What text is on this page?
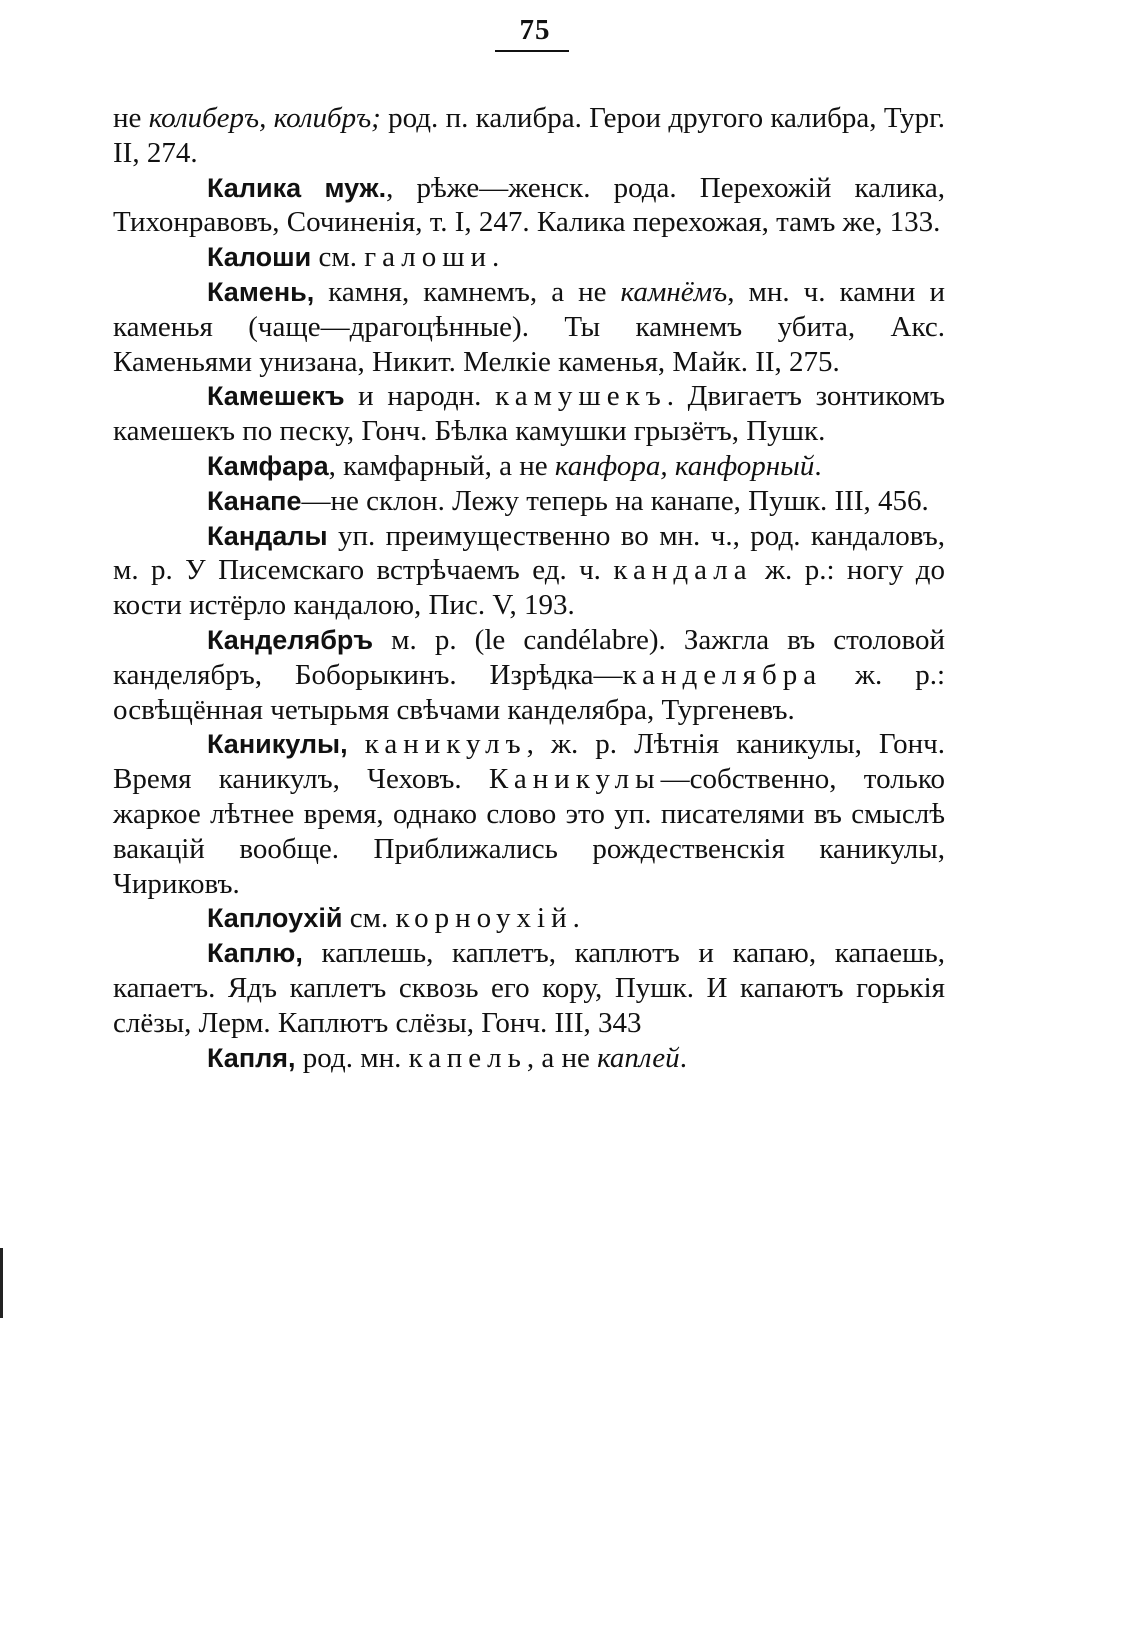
75

не колиберъ, колибръ; род. п. калибра. Герои другого калибра, Тург. II, 274.

Калика муж., рѣже—женск. рода. Перехожій калика, Тихонравовъ, Сочиненія, т. I, 247. Калика перехожая, тамъ же, 133.

Калоши см. галоши.

Камень, камня, камнемъ, а не камнёмъ, мн. ч. камни и каменья (чаще—драгоцѣнные). Ты камнемъ убита, Акс. Каменьями унизана, Никит. Мелкіе каменья, Майк. II, 275.

Камешекъ и народн. камушекъ. Двигаетъ зонтикомъ камешекъ по песку, Гонч. Бѣлка камушки грызётъ, Пушк.

Камфара, камфарный, а не канфора, канфорный.

Канапе—не склон. Лежу теперь на канапе, Пушк. III, 456.

Кандалы уп. преимущественно во мн. ч., род. кандаловъ, м. р. У Писемскаго встрѣчаемъ ед. ч. кандала ж. р.: ногу до кости истёрло кандалою, Пис. V, 193.

Канделябръ м. р. (le candélabre). Зажгла въ столовой канделябръ, Боборыкинъ. Изрѣдка—канделябра ж. р.: освѣщённая четырьмя свѣчами канделябра, Тургеневъ.

Каникулы, каникулъ, ж. р. Лѣтнія каникулы, Гонч. Время каникулъ, Чеховъ. Каникулы—собственно, только жаркое лѣтнее время, однако слово это уп. писателями въ смыслѣ вакацій вообще. Приближались рождественскія каникулы, Чириковъ.

Каплоухій см. корноухій.

Каплю, каплешь, каплетъ, каплютъ и капаю, капаешь, капаетъ. Ядъ каплетъ сквозь его кору, Пушк. И капаютъ горькія слёзы, Лерм. Каплютъ слёзы, Гонч. III, 343

Капля, род. мн. капель, а не каплей.
